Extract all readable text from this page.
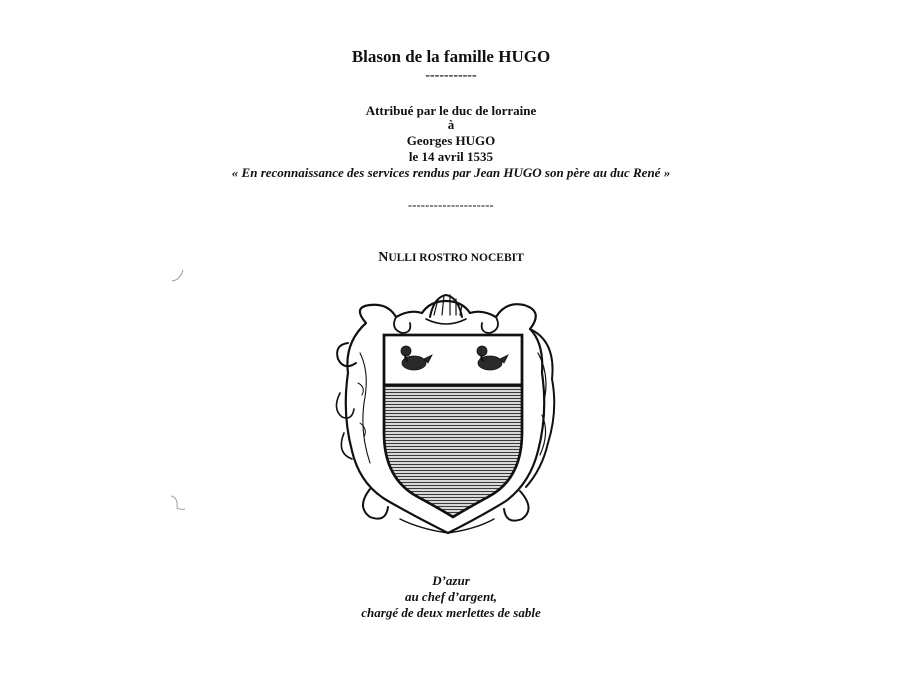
Blason de la famille HUGO
-----------
Attribué par le duc de lorraine
à
Georges HUGO
le 14 avril 1535
« En reconnaissance des services rendus par Jean HUGO son père au duc René »
--------------------
NULLI ROSTRO NOCEBIT
D’azur
au chef d’argent,
chargé de deux merlettes de sable
